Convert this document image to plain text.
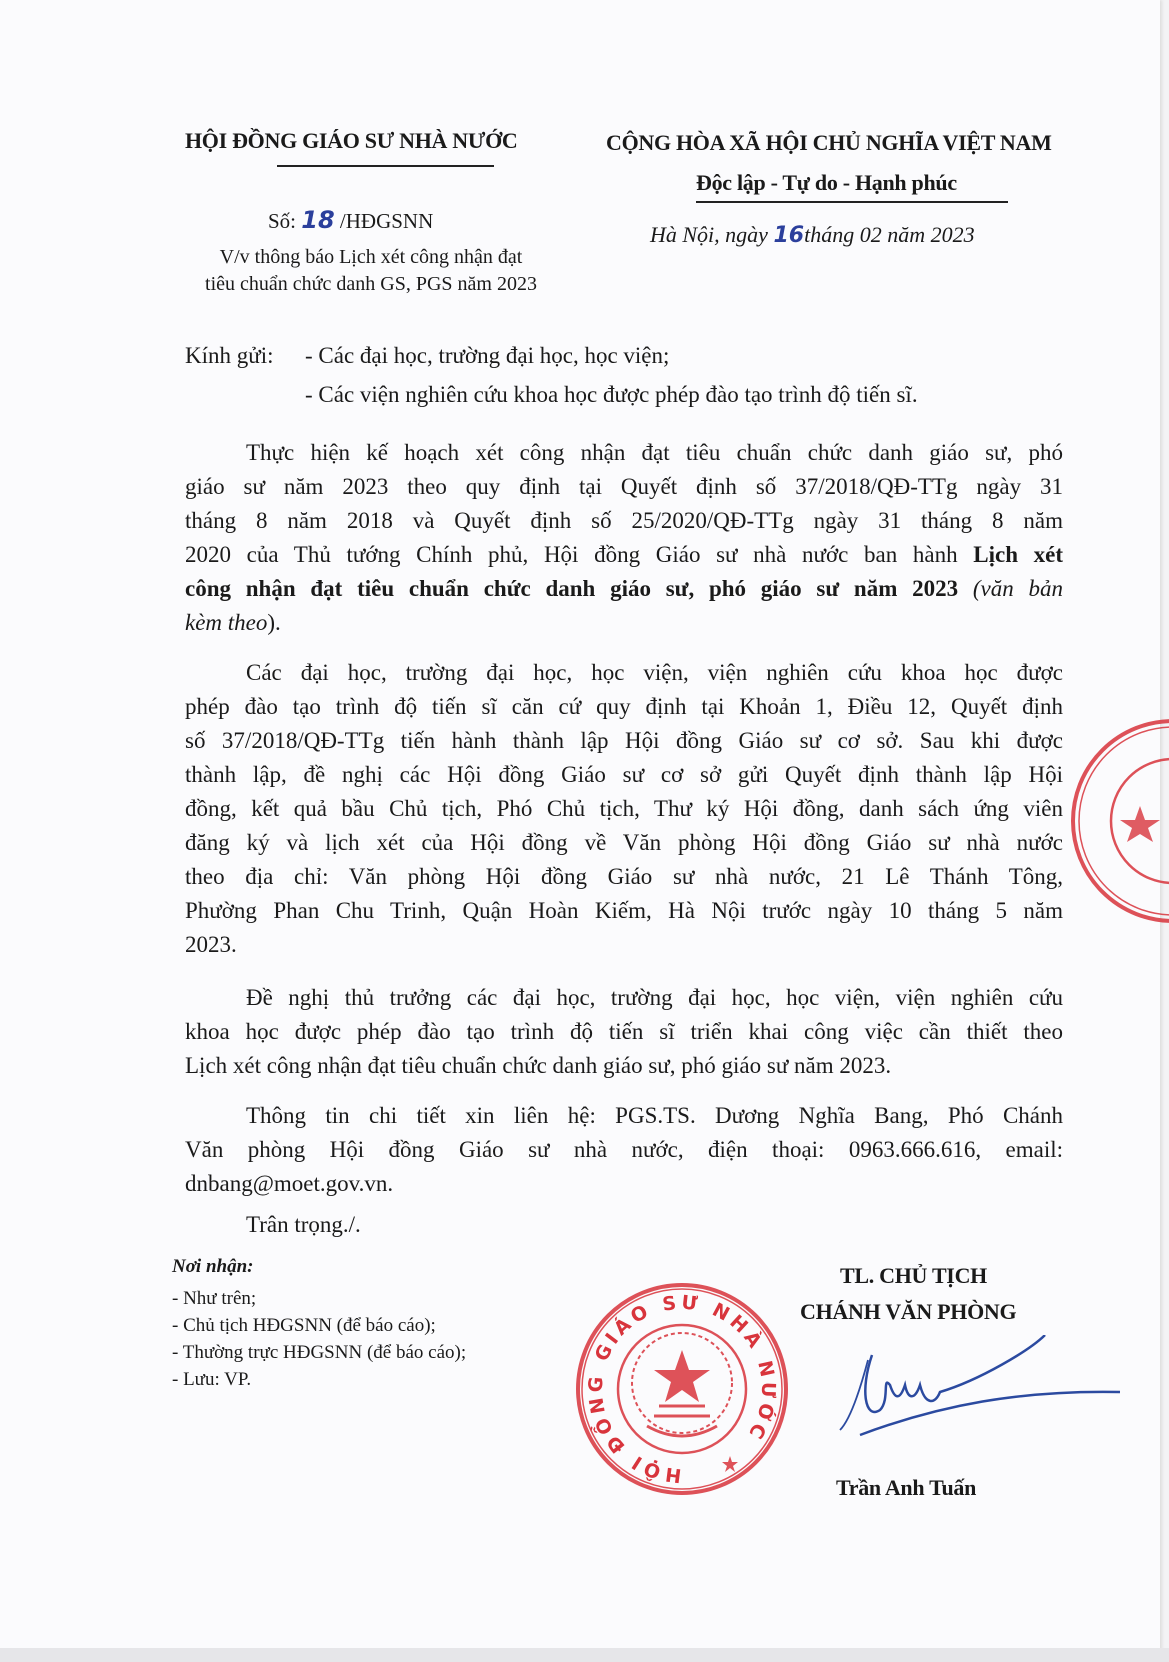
HỘI ĐỒNG GIÁO SƯ NHÀ NƯỚC	CỘNG HÒA XÃ HỘI CHỦ NGHĨA VIỆT NAM
Độc lập - Tự do - Hạnh phúc
Số: 18 /HĐGSNN
Hà Nội, ngày 16tháng 02 năm 2023
V/v thông báo Lịch xét công nhận đạt
tiêu chuẩn chức danh GS, PGS năm 2023
Kính gửi: - Các đại học, trường đại học, học viện;
- Các viện nghiên cứu khoa học được phép đào tạo trình độ tiến sĩ.
Thực hiện kế hoạch xét công nhận đạt tiêu chuẩn chức danh giáo sư, phó
giáo sư năm 2023 theo quy định tại Quyết định số 37/2018/QĐ-TTg ngày 31
tháng 8 năm 2018 và Quyết định số 25/2020/QĐ-TTg ngày 31 tháng 8 năm
2020 của Thủ tướng Chính phủ, Hội đồng Giáo sư nhà nước ban hành Lịch xét
công nhận đạt tiêu chuẩn chức danh giáo sư, phó giáo sư năm 2023 (văn bản
kèm theo).
Các đại học, trường đại học, học viện, viện nghiên cứu khoa học được
phép đào tạo trình độ tiến sĩ căn cứ quy định tại Khoản 1, Điều 12, Quyết định
số 37/2018/QĐ-TTg tiến hành thành lập Hội đồng Giáo sư cơ sở. Sau khi được
thành lập, đề nghị các Hội đồng Giáo sư cơ sở gửi Quyết định thành lập Hội
đồng, kết quả bầu Chủ tịch, Phó Chủ tịch, Thư ký Hội đồng, danh sách ứng viên
đăng ký và lịch xét của Hội đồng về Văn phòng Hội đồng Giáo sư nhà nước
theo địa chỉ: Văn phòng Hội đồng Giáo sư nhà nước, 21 Lê Thánh Tông,
Phường Phan Chu Trinh, Quận Hoàn Kiếm, Hà Nội trước ngày 10 tháng 5 năm
2023.
Đề nghị thủ trưởng các đại học, trường đại học, học viện, viện nghiên cứu
khoa học được phép đào tạo trình độ tiến sĩ triển khai công việc cần thiết theo
Lịch xét công nhận đạt tiêu chuẩn chức danh giáo sư, phó giáo sư năm 2023.
Thông tin chi tiết xin liên hệ: PGS.TS. Dương Nghĩa Bang, Phó Chánh
Văn phòng Hội đồng Giáo sư nhà nước, điện thoại: 0963.666.616, email:
dnbang@moet.gov.vn.
Trân trọng./.
Nơi nhận:
- Như trên;
- Chủ tịch HĐGSNN (để báo cáo);
- Thường trực HĐGSNN (để báo cáo);
- Lưu: VP.
HỘI ĐỒNG GIÁO SƯ NHÀ NƯỚC
TL. CHỦ TỊCH
CHÁNH VĂN PHÒNG
Trần Anh Tuấn
